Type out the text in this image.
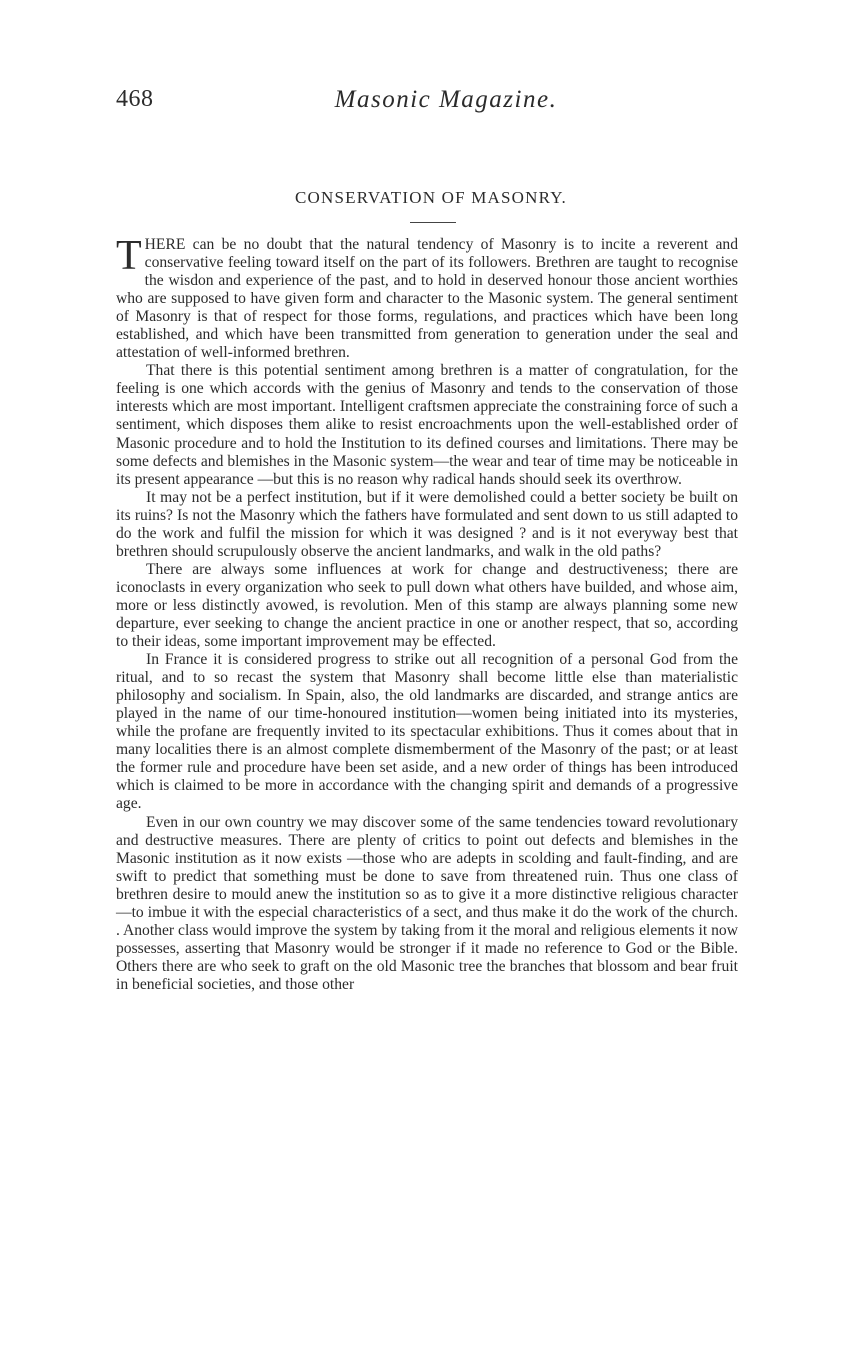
468	Masonic Magazine.
CONSERVATION OF MASONRY.

THERE can be no doubt that the natural tendency of Masonry is to incite a reverent and conservative feeling toward itself on the part of its followers. Brethren are taught to recognise the wisdon and experience of the past, and to hold in deserved honour those ancient worthies who are supposed to have given form and character to the Masonic system. The general sentiment of Masonry is that of respect for those forms, regulations, and practices which have been long established, and which have been transmitted from generation to generation under the seal and attestation of well-informed brethren.

That there is this potential sentiment among brethren is a matter of congratulation, for the feeling is one which accords with the genius of Masonry and tends to the conservation of those interests which are most important. Intelligent craftsmen appreciate the constraining force of such a sentiment, which disposes them alike to resist encroachments upon the well-established order of Masonic procedure and to hold the Institution to its defined courses and limitations. There may be some defects and blemishes in the Masonic system—the wear and tear of time may be noticeable in its present appearance —but this is no reason why radical hands should seek its overthrow.

It may not be a perfect institution, but if it were demolished could a better society be built on its ruins? Is not the Masonry which the fathers have formulated and sent down to us still adapted to do the work and fulfil the mission for which it was designed ? and is it not everyway best that brethren should scrupulously observe the ancient landmarks, and walk in the old paths?

There are always some influences at work for change and destructiveness; there are iconoclasts in every organization who seek to pull down what others have builded, and whose aim, more or less distinctly avowed, is revolution. Men of this stamp are always planning some new departure, ever seeking to change the ancient practice in one or another respect, that so, according to their ideas, some important improvement may be effected.

In France it is considered progress to strike out all recognition of a personal God from the ritual, and to so recast the system that Masonry shall become little else than materialistic philosophy and socialism. In Spain, also, the old landmarks are discarded, and strange antics are played in the name of our time-honoured institution—women being initiated into its mysteries, while the profane are frequently invited to its spectacular exhibitions. Thus it comes about that in many localities there is an almost complete dismemberment of the Masonry of the past; or at least the former rule and procedure have been set aside, and a new order of things has been introduced which is claimed to be more in accordance with the changing spirit and demands of a progressive age.

Even in our own country we may discover some of the same tendencies toward revolutionary and destructive measures. There are plenty of critics to point out defects and blemishes in the Masonic institution as it now exists —those who are adepts in scolding and fault-finding, and are swift to predict that something must be done to save from threatened ruin. Thus one class of brethren desire to mould anew the institution so as to give it a more distinctive religious character—to imbue it with the especial characteristics of a sect, and thus make it do the work of the church. . Another class would improve the system by taking from it the moral and religious elements it now possesses, asserting that Masonry would be stronger if it made no reference to God or the Bible. Others there are who seek to graft on the old Masonic tree the branches that blossom and bear fruit in beneficial societies, and those other
